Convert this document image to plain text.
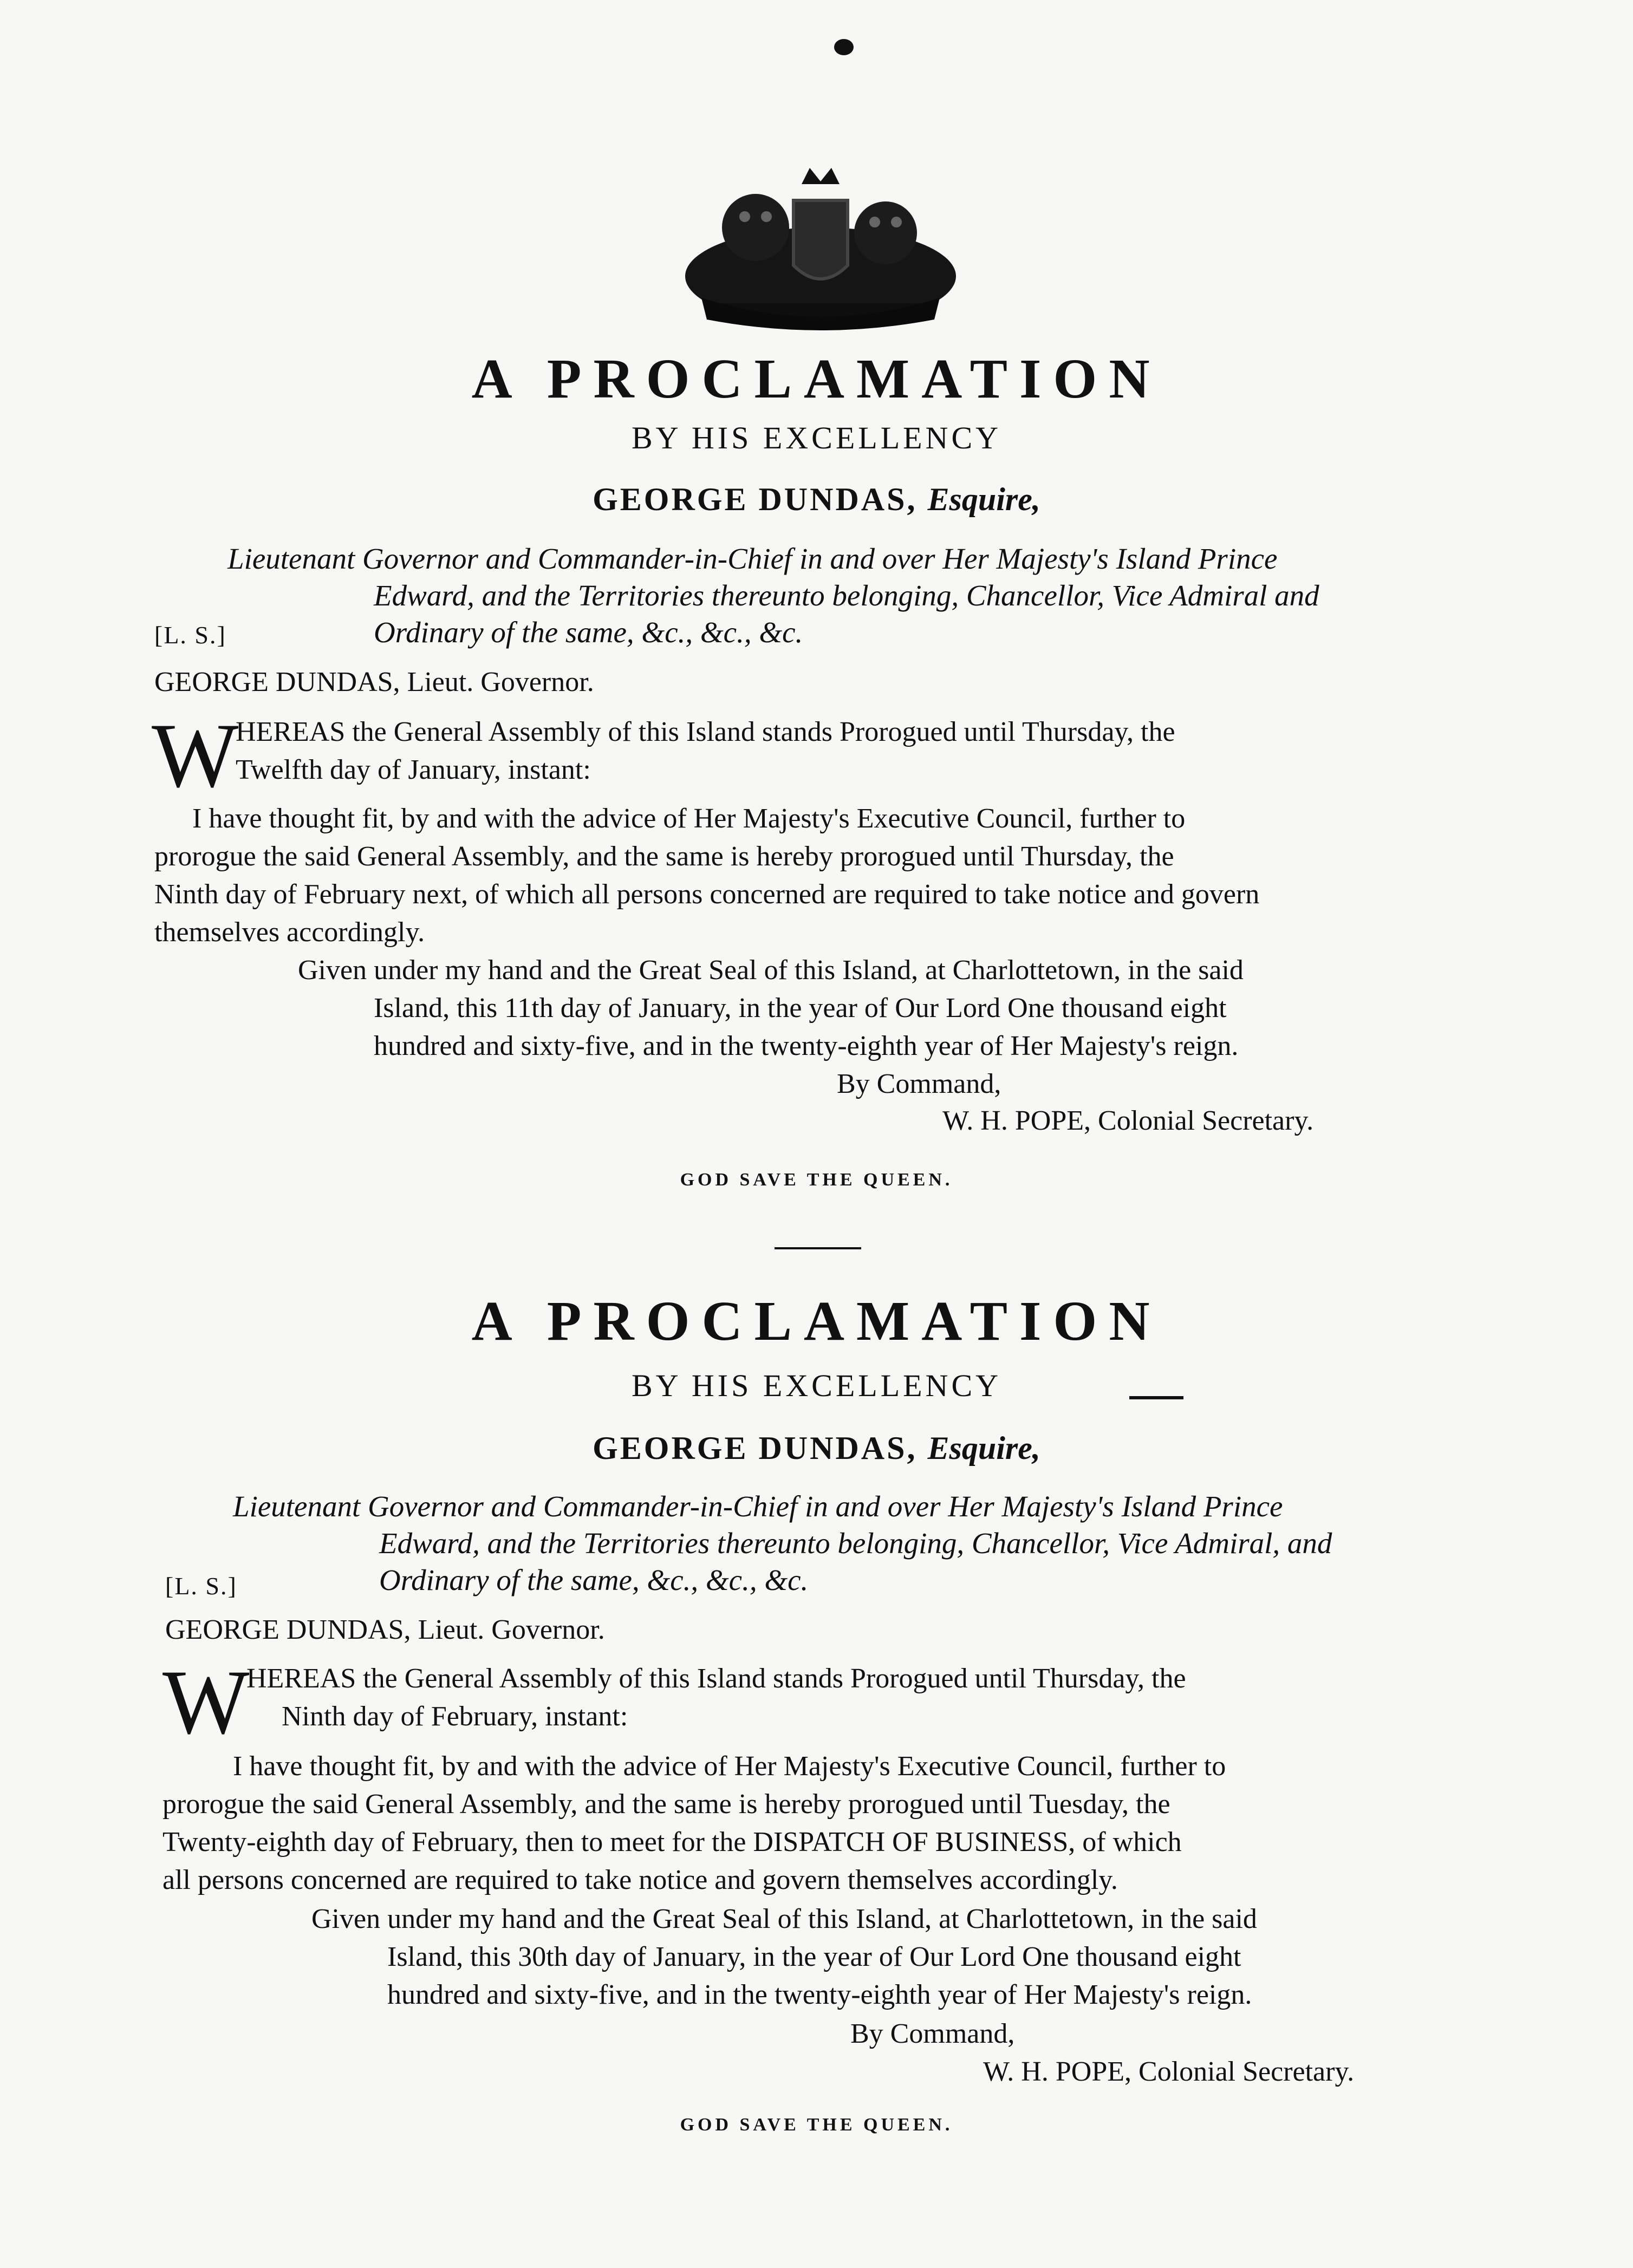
A PROCLAMATION
BY HIS EXCELLENCY
GEORGE DUNDAS, Esquire,
Lieutenant Governor and Commander-in-Chief in and over Her Majesty's Island Prince
Edward, and the Territories thereunto belonging, Chancellor, Vice Admiral and
Ordinary of the same, &c., &c., &c.
[L. S.]
GEORGE DUNDAS, Lieut. Governor.
W
HEREAS the General Assembly of this Island stands Prorogued until Thursday, the
Twelfth day of January, instant:
I have thought fit, by and with the advice of Her Majesty's Executive Council, further to
prorogue the said General Assembly, and the same is hereby prorogued until Thursday, the
Ninth day of February next, of which all persons concerned are required to take notice and govern
themselves accordingly.
Given under my hand and the Great Seal of this Island, at Charlottetown, in the said
Island, this 11th day of January, in the year of Our Lord One thousand eight
hundred and sixty-five, and in the twenty-eighth year of Her Majesty's reign.
By Command,
W. H. POPE, Colonial Secretary.
GOD SAVE THE QUEEN.
A PROCLAMATION
BY HIS EXCELLENCY
GEORGE DUNDAS, Esquire,
Lieutenant Governor and Commander-in-Chief in and over Her Majesty's Island Prince
Edward, and the Territories thereunto belonging, Chancellor, Vice Admiral, and
Ordinary of the same, &c., &c., &c.
[L. S.]
GEORGE DUNDAS, Lieut. Governor.
W
HEREAS the General Assembly of this Island stands Prorogued until Thursday, the
Ninth day of February, instant:
I have thought fit, by and with the advice of Her Majesty's Executive Council, further to
prorogue the said General Assembly, and the same is hereby prorogued until Tuesday, the
Twenty-eighth day of February, then to meet for the DISPATCH OF BUSINESS, of which
all persons concerned are required to take notice and govern themselves accordingly.
Given under my hand and the Great Seal of this Island, at Charlottetown, in the said
Island, this 30th day of January, in the year of Our Lord One thousand eight
hundred and sixty-five, and in the twenty-eighth year of Her Majesty's reign.
By Command,
W. H. POPE, Colonial Secretary.
GOD SAVE THE QUEEN.
